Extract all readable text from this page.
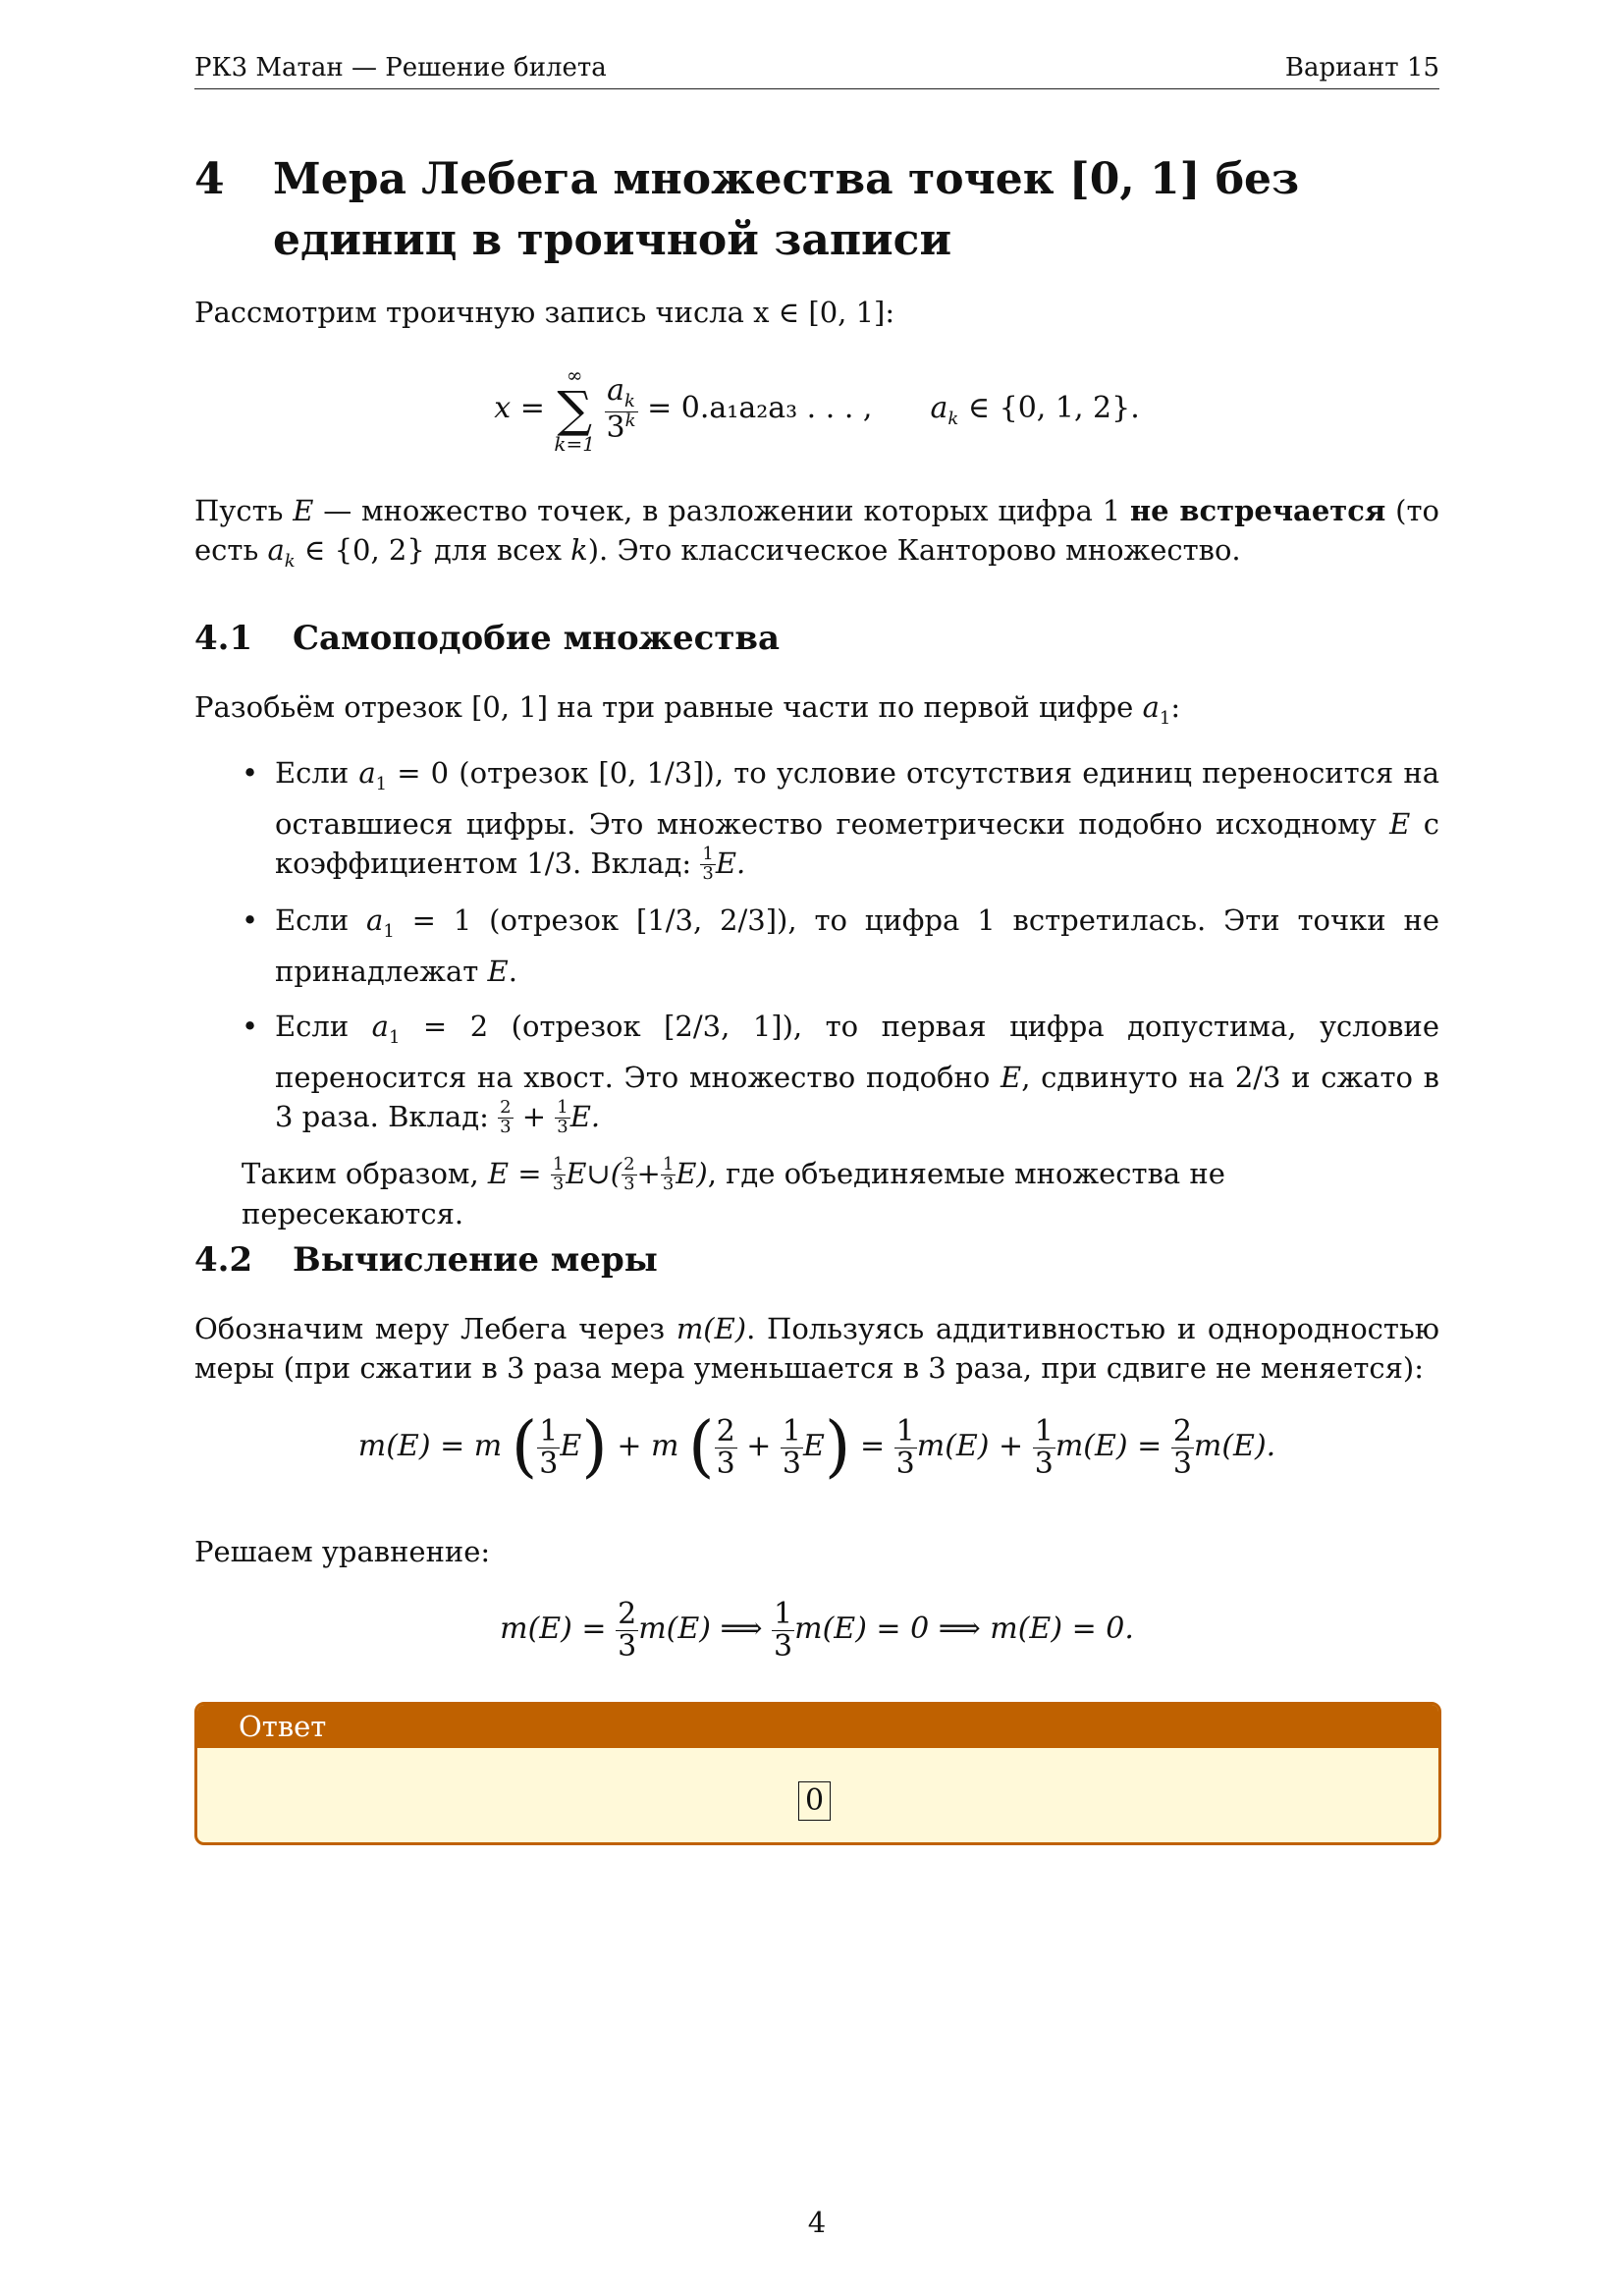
РК3 Матан — Решение билета	Вариант 15
4 Мера Лебега множества точек [0, 1] без единиц в троичной записи
Рассмотрим троичную запись числа x ∈ [0, 1]:
x =
∞
∑
k=1

$\frac{a_k}{3^k} = 0.a_1a_2a_3$ . . . , $a_k$ ∈ {0, 1, 2}.
Пусть E — множество точек, в разложении которых цифра 1 не встречается (то есть $a_k$ ∈ {0, 2} для всех k). Это классическое Канторово множество.
4.1 Самоподобие множества
Разобьём отрезок [0, 1] на три равные части по первой цифре $a_1$:
• Если $a_1 = 0$ (отрезок [0, 1/3]), то условие отсутствия единиц переносится на оставшиеся цифры. Это множество геометрически подобно исходному E с коэффициентом 1/3. Вклад: $\frac{1}{3} E$.
• Если $a_1 = 1$ (отрезок [1/3, 2/3]), то цифра 1 встретилась. Эти точки не принадлежат E.
• Если $a_1 = 2$ (отрезок [2/3, 1]), то первая цифра допустима, условие переносится на хвост. Это множество подобно E, сдвинуто на 2/3 и сжато в 3 раза. Вклад: $\frac{2}{3} + \frac{1}{3} E$.
Таким образом, $E = \frac{1}{3}$ E∪( $\frac{2}{3} + \frac{1}{3} E$), где объединяемые множества не пересекаются.
4.2 Вычисление меры
Обозначим меру Лебега через m(E). Пользуясь аддитивностью и однородностью меры (при сжатии в 3 раза мера уменьшается в 3 раза, при сдвиге не меняется):
m(E) = m ( $\frac{1}{3} E) + m$ ( $\frac{2}{3} + \frac{1}{3} E) = \frac{1}{3} m(E) + \frac{1}{3} m(E) = \frac{2}{3} m(E)$.
Решаем уравнение:
$m(E) = \frac{2}{3} m(E)$ ⟹ $\frac{1}{3} m(E) = 0$ ⟹ m(E) = 0.
Ответ
0
4
